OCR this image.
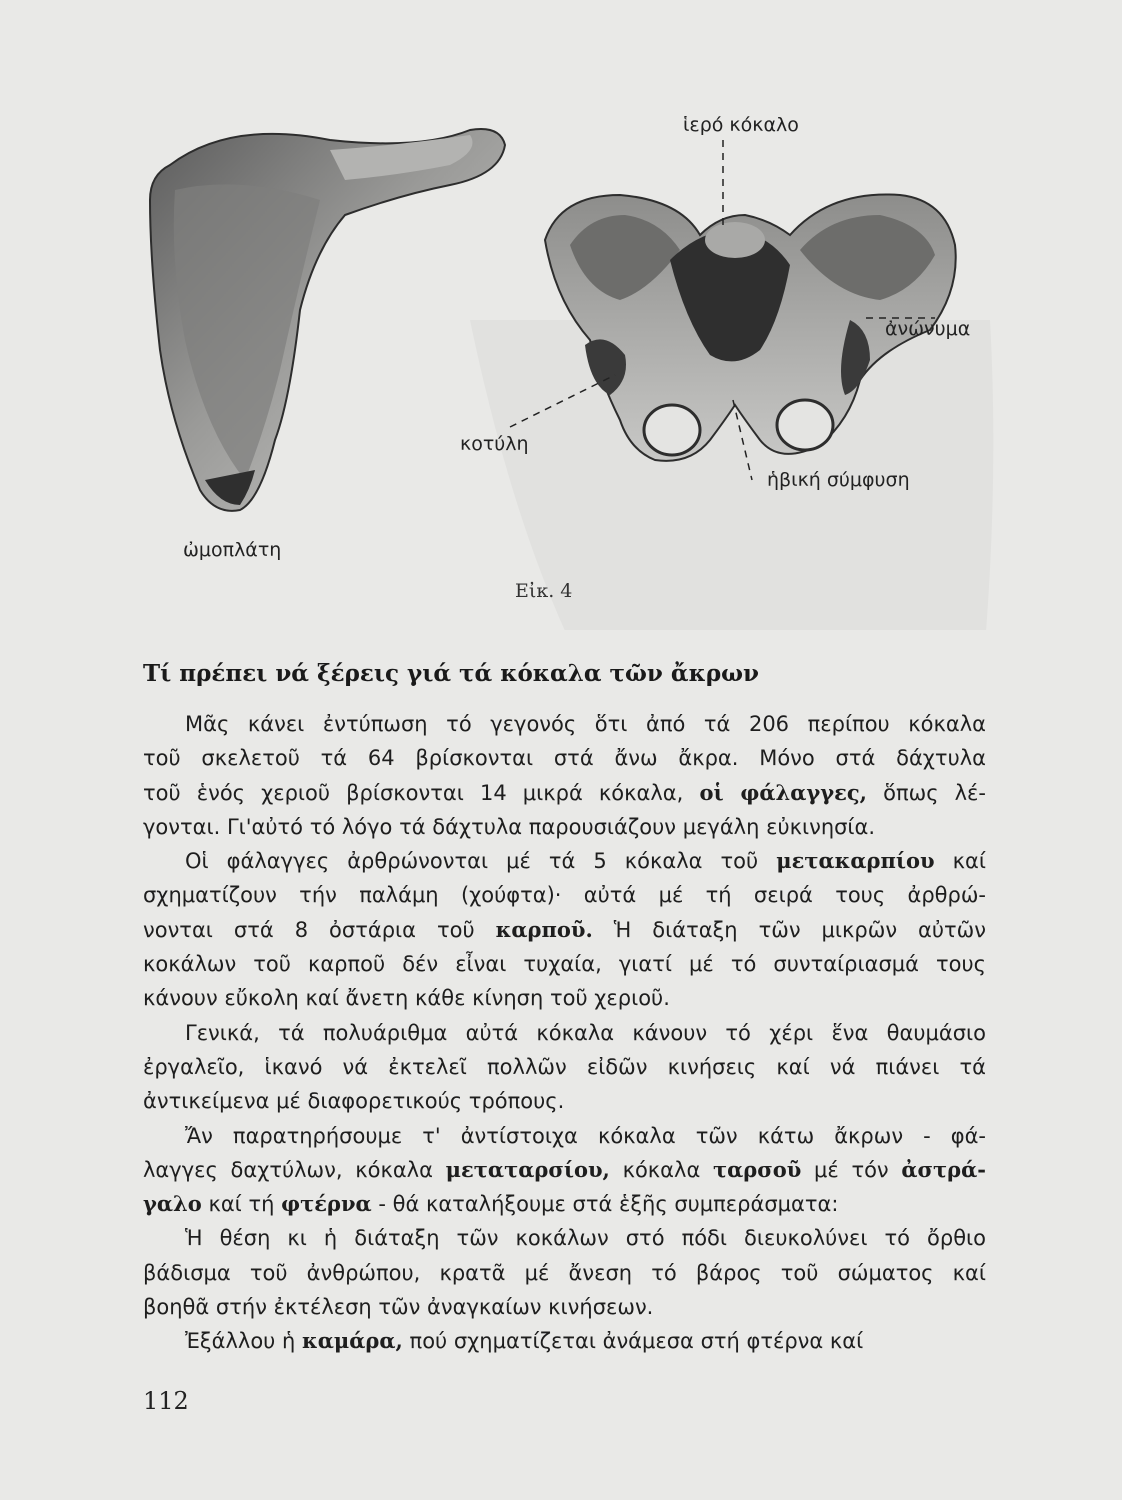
ἱερό κόκαλο
ἀνώνυμα
κοτύλη
ἡβική σύμφυση
ὠμοπλάτη
Εἰκ. 4
Τί πρέπει νά ξέρεις γιά τά κόκαλα τῶν ἄκρων
Μᾶς κάνει ἐντύπωση τό γεγονός ὅτι ἀπό τά 206 περίπου κόκαλα
τοῦ σκελετοῦ τά 64 βρίσκονται στά ἄνω ἄκρα. Μόνο στά δάχτυλα
τοῦ ἑνός χεριοῦ βρίσκονται 14 μικρά κόκαλα, οἱ φάλαγγες, ὅπως λέ-
γονται. Γι'αὐτό τό λόγο τά δάχτυλα παρουσιάζουν μεγάλη εὐκινησία.
Οἱ φάλαγγες ἀρθρώνονται μέ τά 5 κόκαλα τοῦ μετακαρπίου καί
σχηματίζουν τήν παλάμη (χούφτα)· αὐτά μέ τή σειρά τους ἀρθρώ-
νονται στά 8 ὀστάρια τοῦ καρποῦ. Ἡ διάταξη τῶν μικρῶν αὐτῶν
κοκάλων τοῦ καρποῦ δέν εἶναι τυχαία, γιατί μέ τό συνταίριασμά τους
κάνουν εὔκολη καί ἄνετη κάθε κίνηση τοῦ χεριοῦ.
Γενικά, τά πολυάριθμα αὐτά κόκαλα κάνουν τό χέρι ἕνα θαυμάσιο
ἐργαλεῖο, ἱκανό νά ἐκτελεῖ πολλῶν εἰδῶν κινήσεις καί νά πιάνει τά
ἀντικείμενα μέ διαφορετικούς τρόπους.
Ἄν παρατηρήσουμε τ' ἀντίστοιχα κόκαλα τῶν κάτω ἄκρων - φά-
λαγγες δαχτύλων, κόκαλα μεταταρσίου, κόκαλα ταρσοῦ μέ τόν ἀστρά-
γαλο καί τή φτέρνα - θά καταλήξουμε στά ἑξῆς συμπεράσματα:
Ἡ θέση κι ἡ διάταξη τῶν κοκάλων στό πόδι διευκολύνει τό ὄρθιο
βάδισμα τοῦ ἀνθρώπου, κρατᾶ μέ ἄνεση τό βάρος τοῦ σώματος καί
βοηθᾶ στήν ἐκτέλεση τῶν ἀναγκαίων κινήσεων.
Ἐξάλλου ἡ καμάρα, πού σχηματίζεται ἀνάμεσα στή φτέρνα καί
112
